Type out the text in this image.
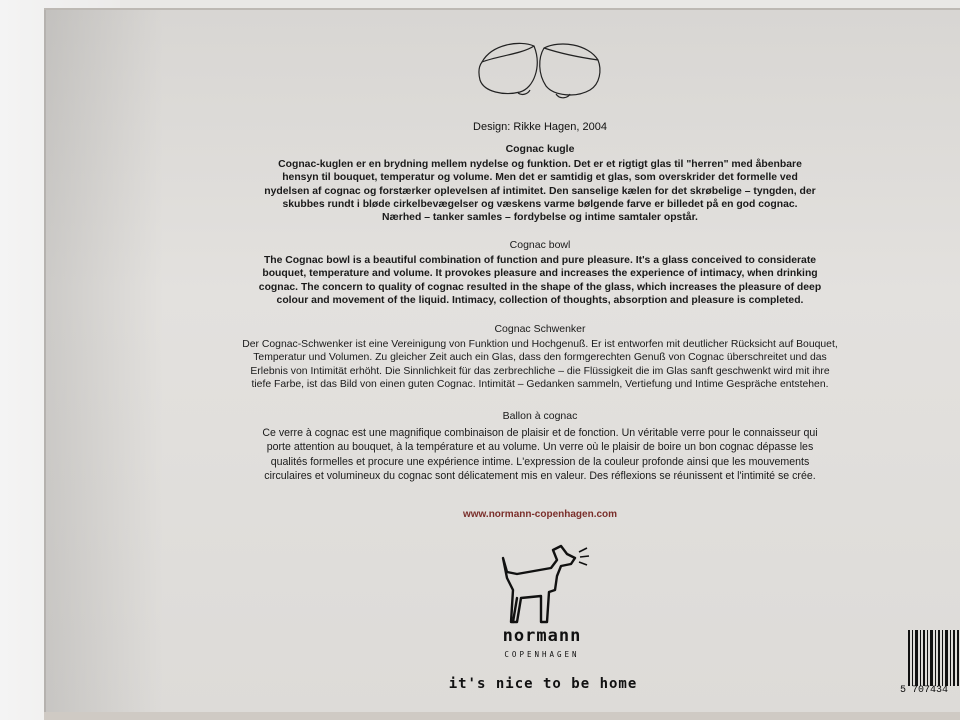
Design: Rikke Hagen, 2004
Cognac kugle

Cognac-kuglen er en brydning mellem nydelse og funktion. Det er et rigtigt glas til "herren" med åbenbare

hensyn til bouquet, temperatur og volume. Men det er samtidig et glas, som overskrider det formelle ved

nydelsen af cognac og forstærker oplevelsen af intimitet. Den sanselige kælen for det skrøbelige – tyngden, der

skubbes rundt i bløde cirkelbevægelser og væskens varme bølgende farve er billedet på en god cognac.

Nærhed – tanker samles – fordybelse og intime samtaler opstår.

Cognac bowl

The Cognac bowl is a beautiful combination of function and pure pleasure. It's a glass conceived to considerate

bouquet, temperature and volume. It provokes pleasure and increases the experience of intimacy, when drinking

cognac. The concern to quality of cognac resulted in the shape of the glass, which increases the pleasure of deep

colour and movement of the liquid. Intimacy, collection of thoughts, absorption and pleasure is completed.

Cognac Schwenker

Der Cognac-Schwenker ist eine Vereinigung von Funktion und Hochgenuß. Er ist entworfen mit deutlicher Rücksicht auf Bouquet,

Temperatur und Volumen. Zu gleicher Zeit auch ein Glas, dass den formgerechten Genuß von Cognac überschreitet und das

Erlebnis von Intimität erhöht. Die Sinnlichkeit für das zerbrechliche – die Flüssigkeit die im Glas sanft geschwenkt wird mit ihre

tiefe Farbe, ist das Bild von einen guten Cognac. Intimität – Gedanken sammeln, Vertiefung und Intime Gespräche entstehen.

Ballon à cognac

Ce verre à cognac est une magnifique combinaison de plaisir et de fonction. Un véritable verre pour le connaisseur qui

porte attention au bouquet, à la température et au volume. Un verre où le plaisir de boire un bon cognac dépasse les

qualités formelles et procure une expérience intime. L'expression de la couleur profonde ainsi que les mouvements

circulaires et volumineux du cognac sont délicatement mis en valeur. Des réflexions se réunissent et l'intimité se crée.

www.normann-copenhagen.com
normann
COPENHAGEN
it's nice to be home	5 707434
